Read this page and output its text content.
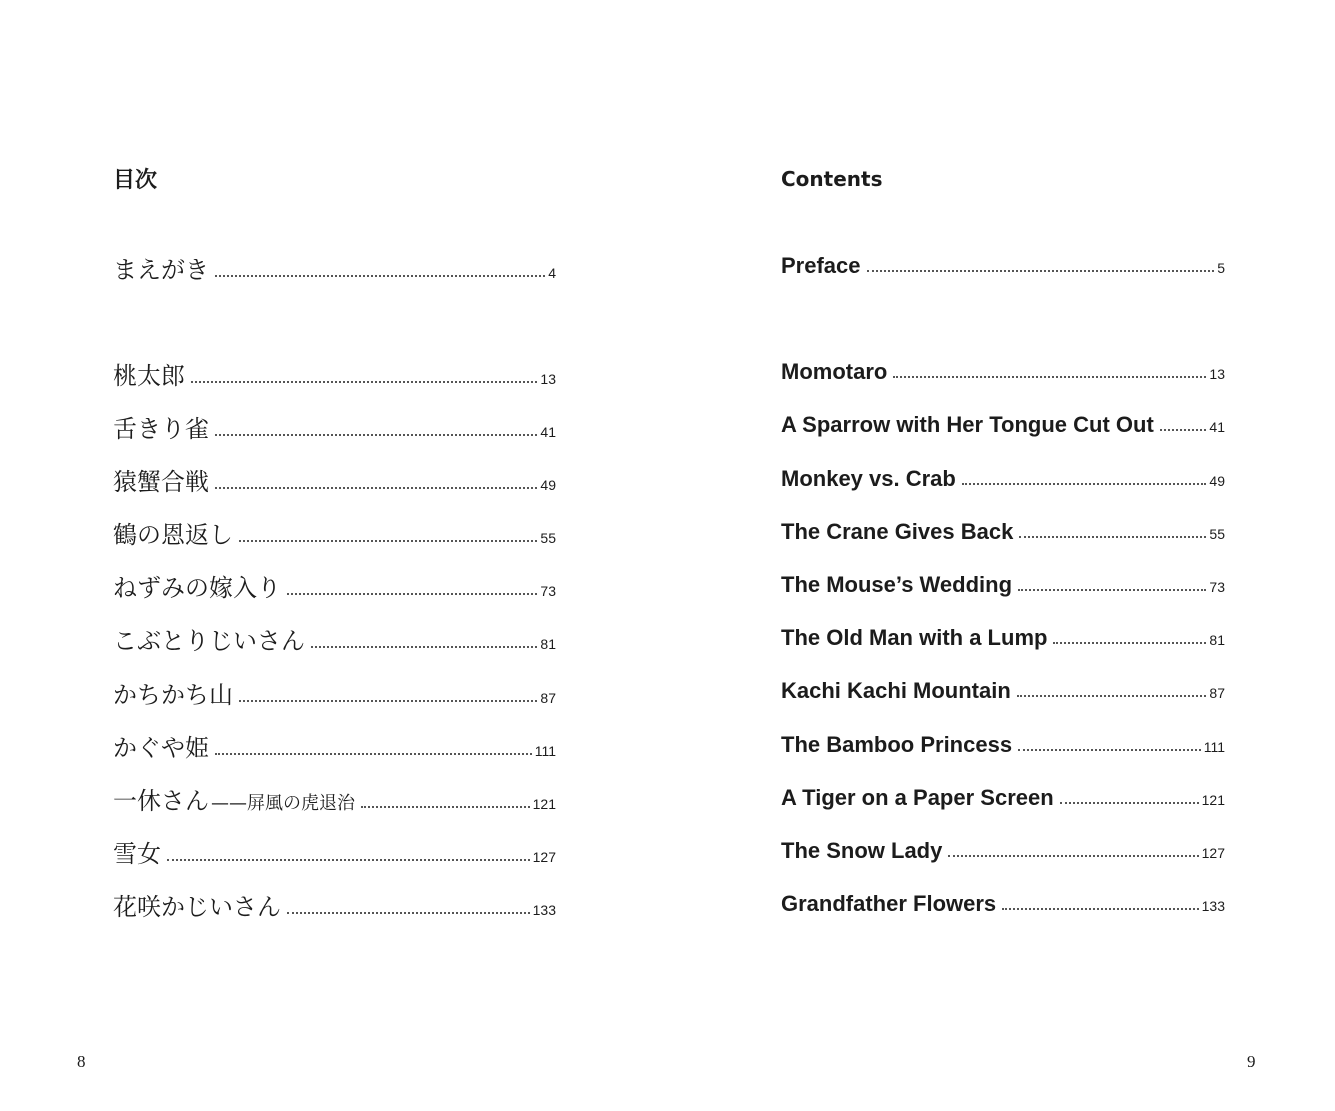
目次
まえがき	4
桃太郎	13
舌きり雀	41
猿蟹合戦	49
鶴の恩返し	55
ねずみの嫁入り	73
こぶとりじいさん	81
かちかち山	87
かぐや姫	111
一休さん ——屏風の虎退治	121
雪女	127
花咲かじいさん	133
8
Contents
Preface	5
Momotaro	13
A Sparrow with Her Tongue Cut Out	41
Monkey vs. Crab	49
The Crane Gives Back	55
The Mouse’s Wedding	73
The Old Man with a Lump	81
Kachi Kachi Mountain	87
The Bamboo Princess	111
A Tiger on a Paper Screen	121
The Snow Lady	127
Grandfather Flowers	133
9
